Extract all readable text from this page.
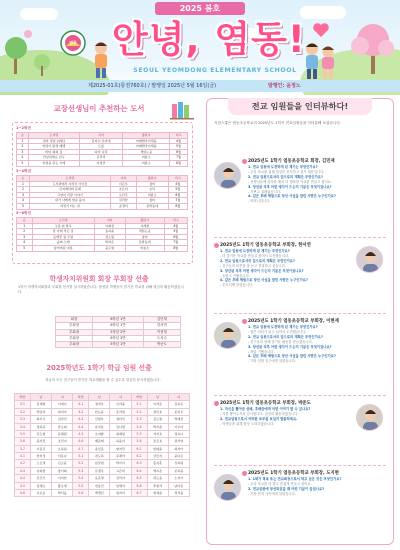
2025 봄호
염동 안녕, 염동!
SEOUL YEOMDONG ELEMENTARY SCHOOL
제2025-01호(통권760호) / 발행일 2025년 5월 16일(금)	발행인: 윤정노
교장선생님이 추천하는 도서
1~2학년
순	도서명	저자	출판사	비고
1	빗자 경칩 (양탄)	김지수·조미애	미래엔아이세움	4월
2	엉덩이 탐정 배뱅	트롤	미래엔아이세움	5월
3	바다 위의 집	다자 나쥬	책읽는곰	6월
4	안녕하세요 친구	김리리	비룡소	7월
5	친절을 담는 가게	이정민	비룡소	8월
3~4학년
순	도서명	저자	출판사	비고
1	도서관에서 사라진 아이들	이은우	창비	4월
2	긴지베리와 문제	조은비	보리	5월
3	고양이 식당 이야기	오단주	비룡소	6월
4	내가 나에게 얼굴 붙여	김리한	창비	7월
5	자전거 타는 날	공정석	문학동네	8월
5~6학년
순	도서명	저자	출판사	비고
1	구름 위 학교	이희선	사계절	4월
2	달 아래 작은 집	송하윤	책읽는곰	5월
3	동백꽃 필 무렵	정소원	창비	6월
4	숲의 노래	박지은	문학동네	7월
5	잃어버린 여름	윤도현	비룡소	8월
학생자치위원회 회장 부회장 선출
1학기 학생자치회장과 부회장 선거를 실시하였습니다. 당선된 학생들이 즐거운 학교를 위해 열심히 활동하겠습니다.
회장	6학년 1반	김민재
부회장	6학년 1반	한서연
부회장	5학년 2반	이현재
부회장	6학년 3반	도지수
부회장	5학년 1반	박준도
2025학년도 1학기 학급 임원 선출
학급의 모든 친구들이 즐거운 학교생활을 할 수 있도록 열심히 봉사하겠습니다.
학반	남	여	학반	남	여	학반	남	여
3-1	김재현	이예나	4-1	정지우	이서윤	5-1	이서준	김하은
3-2	박준서	최지아	4-2	한도윤	조서현	5-2	정민호	문지우
3-3	최시우	김아인	4-3	신현우	정다인	5-3	김도현	박예진
3-4	정하준	한소희	4-4	류지호	김나연	5-4	박시윤	이수아
3-5	강도현	문채원	4-5	오지환	최예린	5-5	서지호	정유나
3-6	윤서진	조민지	4-6	배준혁	하윤서	5-6	조은호	권서영
3-7	이동건	오하린	4-7	송민준	양지민	6-1	임태윤	최서아
4-1	한지성	서유나	5-1	권도하	유채아	6-2	강민석	윤다은
4-2	노은결	김소윤	5-2	남궁현	박시아	6-3	홍지훈	신하린
4-3	유하람	장서희	5-3	문정우	고은비	6-4	백시온	조하윤
4-4	조건우	이지안	5-4	표준영	강리아	6-5	곽도윤	노지아
4-5	김태오	황보영	5-5	천승민	임세아	6-6	추현서	남다온
4-6	이로운	박서율	5-6	백경민	엄지아	6-7	방재윤	전서윤
전교 임원들을 인터뷰하다!
지현스쿨은 염동초등학교의 2025년도 1학기 전교임원들을 인터뷰해 보았습니다.
2025년도 1학기 염동초등학교 회장, 김민재
1. 전교 임원에 도전하게 된 계기는 무엇인가요?
- 우리 학교를 위해 열심히 봉사하고 싶기 때문입니다.
2. 전교 임원으로서의 앞으로의 계획은 무엇인가요?
- 선생님들께 건의를 해서 더 행복한 학교를 만들고 싶어요.
3. 당선된 직후 어떤 생각이 드는지 기분은 무엇이었나요?
- 기쁘고 설레었습니다.
4. 같은 후배 체험으로 당선 사실을 알린 사람은 누구인가요?
- 어머니입니다.
2025년도 1학기 염동초등학교 부회장, 한서연
1. 전교 임원에 도전하게 된 계기는 무엇인가요?
- 더 즐거운 학교를 만들고 싶어서 도전했습니다.
2. 전교 임원으로서의 앞으로의 계획은 무엇인가요?
- 친구들의 의견을 잘 듣고 전달하고 싶습니다.
3. 당선된 직후 어떤 생각이 드는지 기분은 무엇이었나요?
- 놀랍고 기뻤습니다.
4. 같은 후배 체험으로 당선 사실을 알린 사람은 누구인가요?
- 부모님께 알렸습니다.
2025년도 1학기 염동초등학교 부회장, 이현재
1. 전교 임원에 도전하게 된 계기는 무엇인가요?
- 좋은 리더가 되고 싶어서 도전했습니다.
2. 전교 임원으로서의 앞으로의 계획은 무엇인가요?
- 친구들과 함께 즐거운 활동을 만들겠습니다.
3. 당선된 직후 어떤 생각이 드는지 기분은 무엇이었나요?
- 정말 기뻤습니다.
4. 같은 후배 체험으로 당선 사실을 알린 사람은 누구인가요?
- 가장 친한 친구에게 알렸습니다.
2025년도 1학기 염동초등학교 부회장, 박준도
1. 자신을 뽑아준 선배, 후배들에게 어떤 이야기 할 수 있나요?
- 저를 뽑아주셔서 감사합니다. 열심히 활동하겠습니다.
2. 전교임원으로서 어떠한 포부를 보일지 말씀하세요.
- 학생들을 위해 항상 노력하겠습니다.
2025년도 1학기 염동초등학교 부회장, 도지현
1. 1학기 목표 또는 전교회장으로서 하고 싶은 것은 무엇인가요?
- 우리 학교를 더 밝고 즐겁게 만들고 싶어요.
2. 전교임원에 당선되었을 때 어떤 기분이 들었나요?
- 가장 먼저 가족에게 알렸습니다.
